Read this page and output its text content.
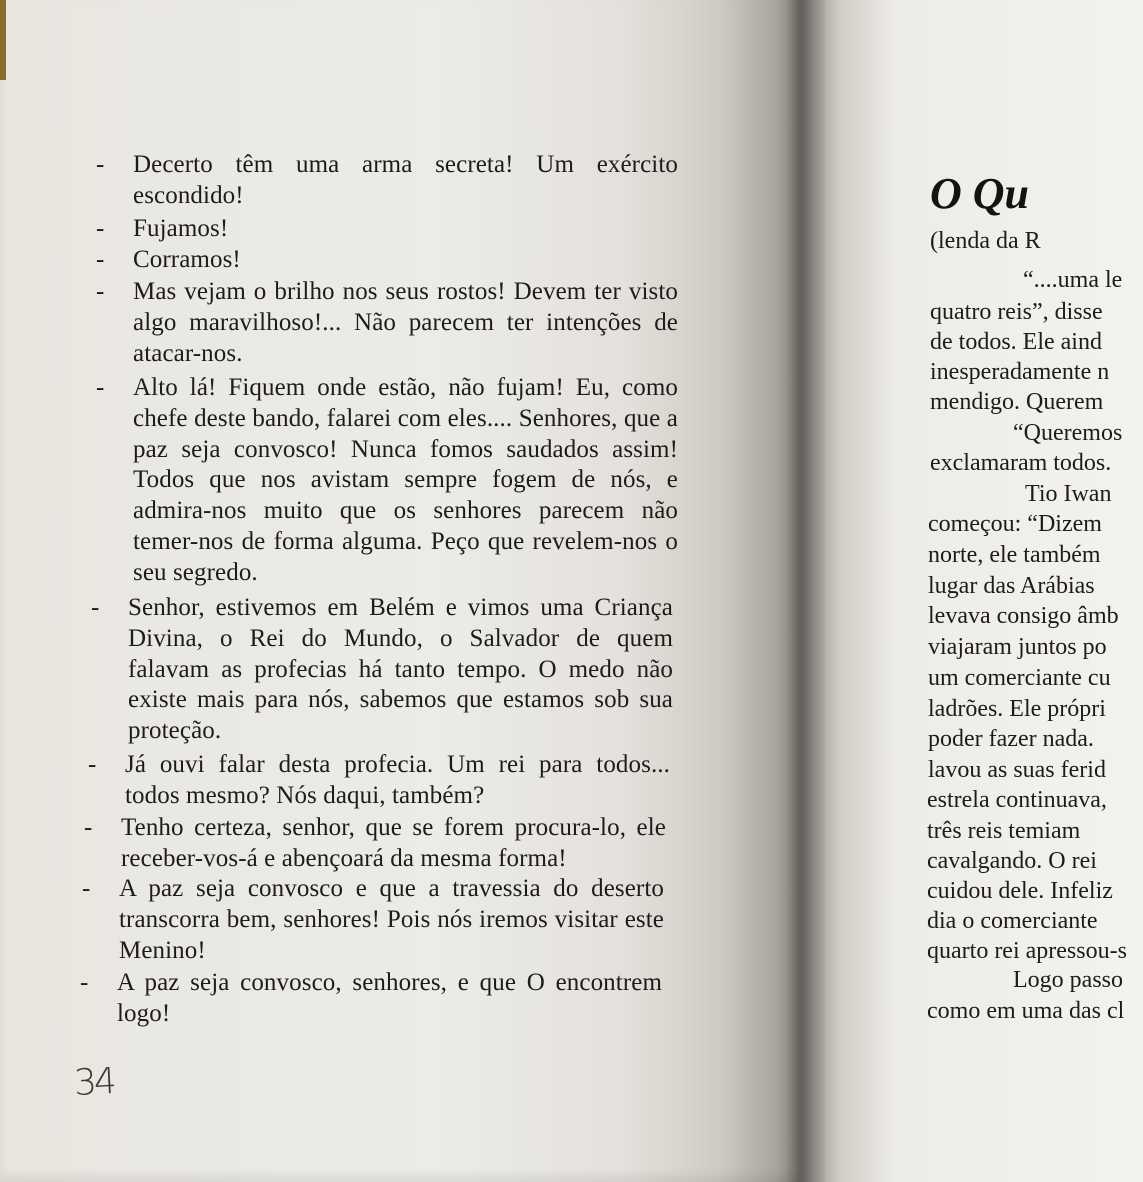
-	Decerto têm uma arma secreta! Um exército escondido!
-	Fujamos!
-	Corramos!
-	Mas vejam o brilho nos seus rostos! Devem ter visto algo maravilhoso!... Não parecem ter intenções de atacar-nos.
-	Alto lá! Fiquem onde estão, não fujam! Eu, como chefe deste bando, falarei com eles.... Senhores, que a paz seja convosco! Nunca fomos saudados assim! Todos que nos avistam sempre fogem de nós, e admira-nos muito que os senhores parecem não temer-nos de forma alguma. Peço que revelem-nos o seu segredo.
-	Senhor, estivemos em Belém e vimos uma Criança Divina, o Rei do Mundo, o Salvador de quem falavam as profecias há tanto tempo. O medo não existe mais para nós, sabemos que estamos sob sua proteção.
-	Já ouvi falar desta profecia. Um rei para todos... todos mesmo? Nós daqui, também?
-	Tenho certeza, senhor, que se forem procura-lo, ele receber-vos-á e abençoará da mesma forma!
-	A paz seja convosco e que a travessia do deserto transcorra bem, senhores! Pois nós iremos visitar este Menino!
-	A paz seja convosco, senhores, e que O encontrem logo!
34
O Qu
(lenda da R
“....uma le
quatro reis”, disse
de todos. Ele aind
inesperadamente n
mendigo. Querem
“Queremos
exclamaram todos.
Tio Iwan
começou: “Dizem
norte, ele também
lugar das Arábias
levava consigo âmb
viajaram juntos po
um comerciante cu
ladrões. Ele própri
poder fazer nada.
lavou as suas ferid
estrela continuava,
três reis temiam
cavalgando. O rei
cuidou dele. Infeliz
dia o comerciante
quarto rei apressou-s
Logo passo
como em uma das cl
